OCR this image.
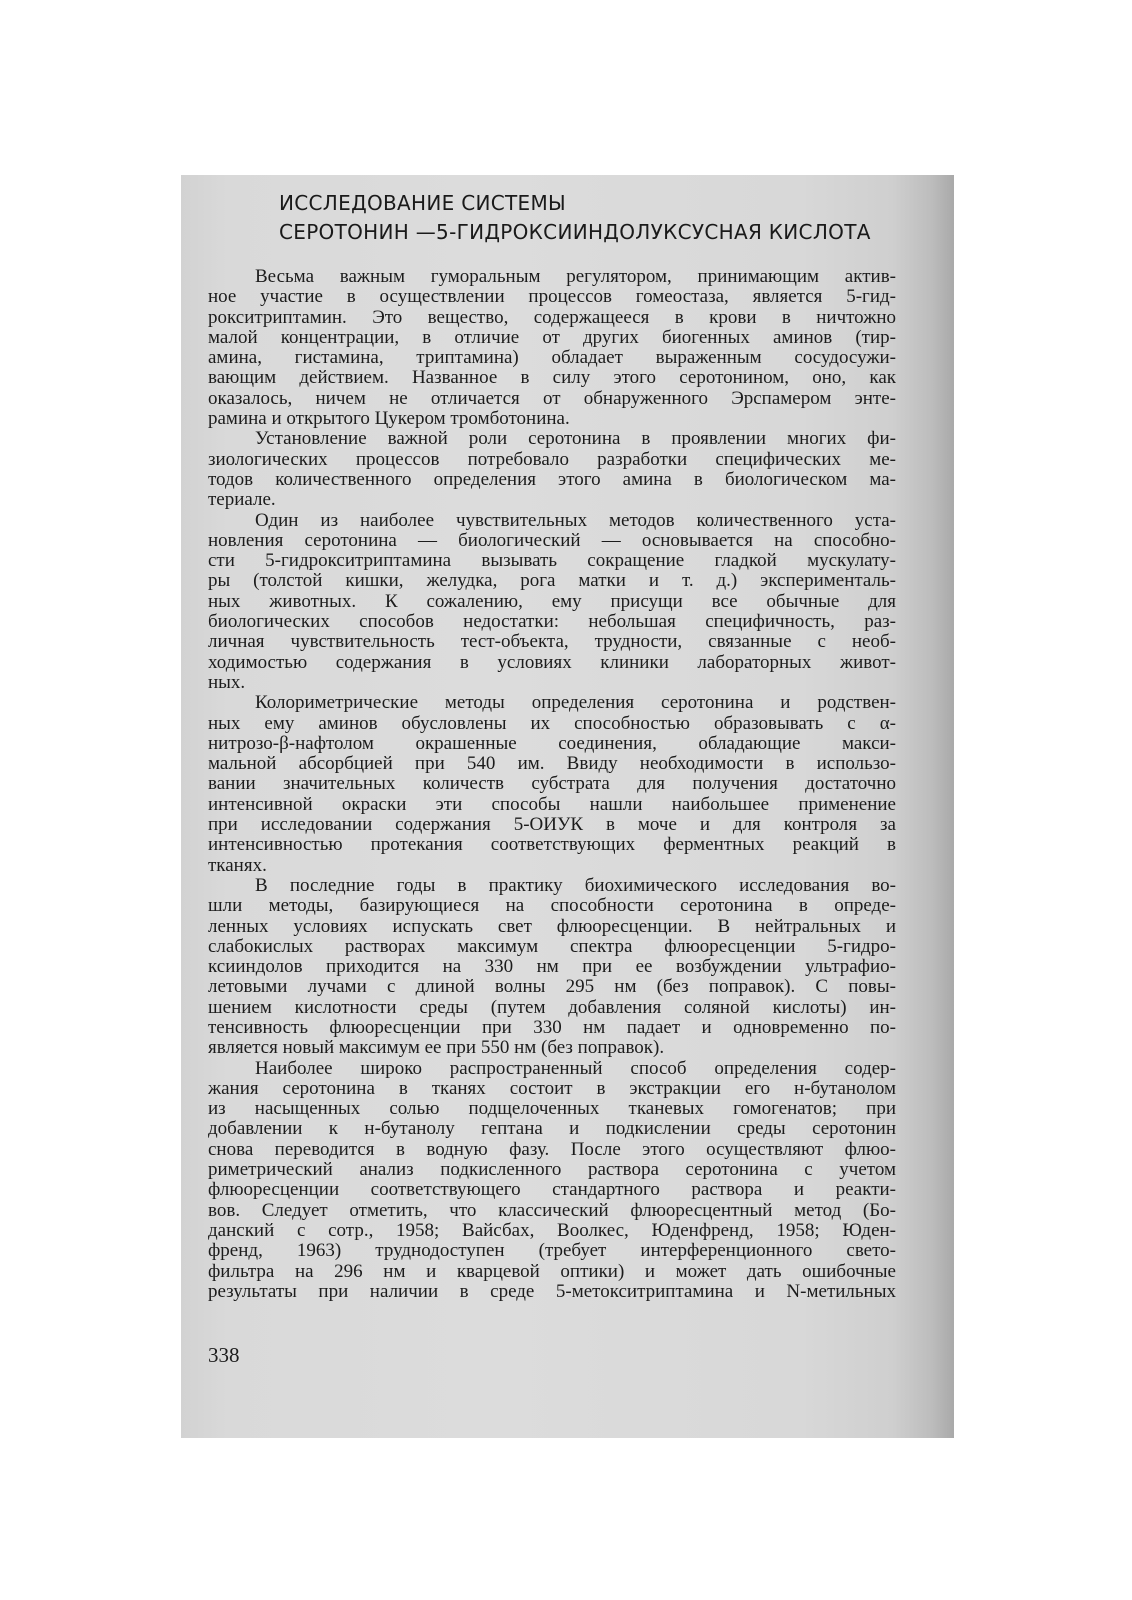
ИССЛЕДОВАНИЕ СИСТЕМЫ
СЕРОТОНИН —5-ГИДРОКСИИНДОЛУКСУСНАЯ КИСЛОТА
Весьма важным гуморальным регулятором, принимающим актив-
ное участие в осуществлении процессов гомеостаза, является 5-гид-
рокситриптамин. Это вещество, содержащееся в крови в ничтожно
малой концентрации, в отличие от других биогенных аминов (тир-
амина, гистамина, триптамина) обладает выраженным сосудосужи-
вающим действием. Названное в силу этого серотонином, оно, как
оказалось, ничем не отличается от обнаруженного Эрспамером энте-
рамина и открытого Цукером тромботонина.
Установление важной роли серотонина в проявлении многих фи-
зиологических процессов потребовало разработки специфических ме-
тодов количественного определения этого амина в биологическом ма-
териале.
Один из наиболее чувствительных методов количественного уста-
новления серотонина — биологический — основывается на способно-
сти 5-гидрокситриптамина вызывать сокращение гладкой мускулату-
ры (толстой кишки, желудка, рога матки и т. д.) эксперименталь-
ных животных. К сожалению, ему присущи все обычные для
биологических способов недостатки: небольшая специфичность, раз-
личная чувствительность тест-объекта, трудности, связанные с необ-
ходимостью содержания в условиях клиники лабораторных живот-
ных.
Колориметрические методы определения серотонина и родствен-
ных ему аминов обусловлены их способностью образовывать с α-
нитрозо-β-нафтолом окрашенные соединения, обладающие макси-
мальной абсорбцией при 540 им. Ввиду необходимости в использо-
вании значительных количеств субстрата для получения достаточно
интенсивной окраски эти способы нашли наибольшее применение
при исследовании содержания 5-ОИУК в моче и для контроля за
интенсивностью протекания соответствующих ферментных реакций в
тканях.
В последние годы в практику биохимического исследования во-
шли методы, базирующиеся на способности серотонина в опреде-
ленных условиях испускать свет флюоресценции. В нейтральных и
слабокислых растворах максимум спектра флюоресценции 5-гидро-
ксииндолов приходится на 330 нм при ее возбуждении ультрафио-
летовыми лучами с длиной волны 295 нм (без поправок). С повы-
шением кислотности среды (путем добавления соляной кислоты) ин-
тенсивность флюоресценции при 330 нм падает и одновременно по-
является новый максимум ее при 550 нм (без поправок).
Наиболее широко распространенный способ определения содер-
жания серотонина в тканях состоит в экстракции его н-бутанолом
из насыщенных солью подщелоченных тканевых гомогенатов; при
добавлении к н-бутанолу гептана и подкислении среды серотонин
снова переводится в водную фазу. После этого осуществляют флюо-
риметрический анализ подкисленного раствора серотонина с учетом
флюоресценции соответствующего стандартного раствора и реакти-
вов. Следует отметить, что классический флюоресцентный метод (Бо-
данский с сотр., 1958; Вайсбах, Воолкес, Юденфренд, 1958; Юден-
френд, 1963) труднодоступен (требует интерференционного свето-
фильтра на 296 нм и кварцевой оптики) и может дать ошибочные
результаты при наличии в среде 5-метокситриптамина и N-метильных
338
